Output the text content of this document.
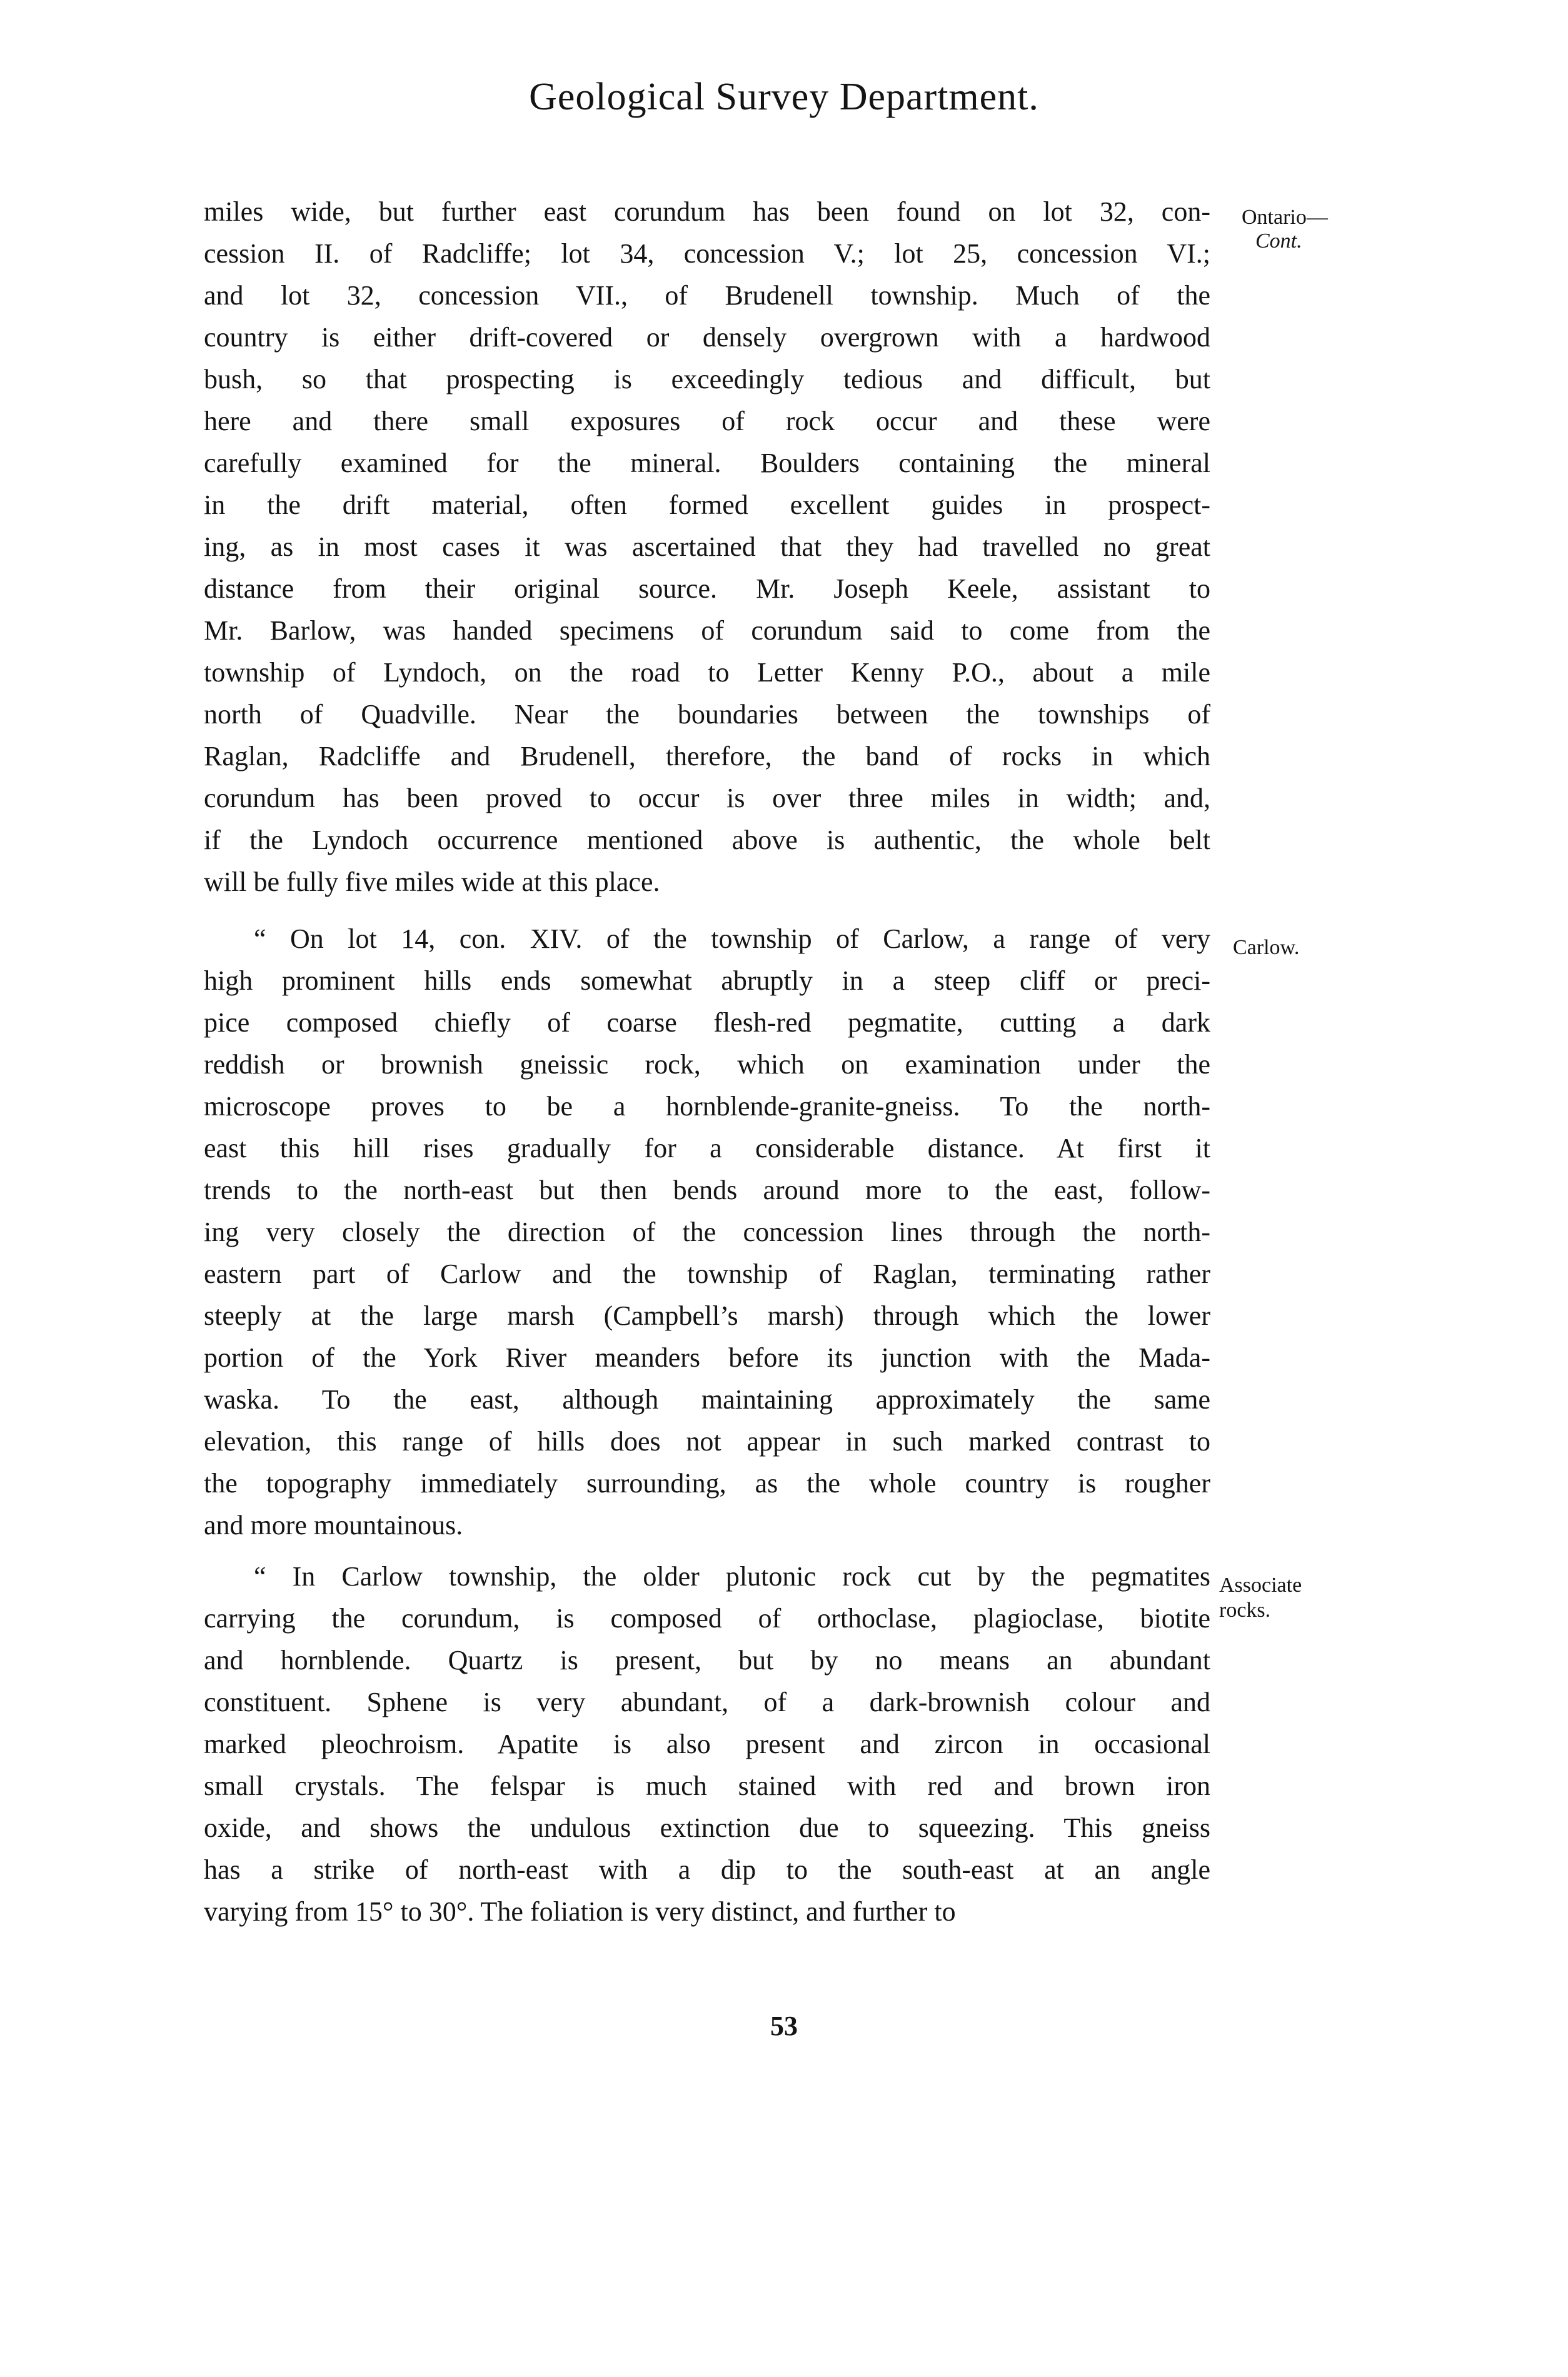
Geological Survey Department.
miles wide, but further east corundum has been found on lot 32, con-
cession II. of Radcliffe; lot 34, concession V.; lot 25, concession VI.;
and lot 32, concession VII., of Brudenell township. Much of the
country is either drift-covered or densely overgrown with a hardwood
bush, so that prospecting is exceedingly tedious and difficult, but
here and there small exposures of rock occur and these were
carefully examined for the mineral. Boulders containing the mineral
in the drift material, often formed excellent guides in prospect-
ing, as in most cases it was ascertained that they had travelled no great
distance from their original source. Mr. Joseph Keele, assistant to
Mr. Barlow, was handed specimens of corundum said to come from the
township of Lyndoch, on the road to Letter Kenny P.O., about a mile
north of Quadville. Near the boundaries between the townships of
Raglan, Radcliffe and Brudenell, therefore, the band of rocks in which
corundum has been proved to occur is over three miles in width; and,
if the Lyndoch occurrence mentioned above is authentic, the whole belt
will be fully five miles wide at this place.
“ On lot 14, con. XIV. of the township of Carlow, a range of very
high prominent hills ends somewhat abruptly in a steep cliff or preci-
pice composed chiefly of coarse flesh-red pegmatite, cutting a dark
reddish or brownish gneissic rock, which on examination under the
microscope proves to be a hornblende-granite-gneiss. To the north-
east this hill rises gradually for a considerable distance. At first it
trends to the north-east but then bends around more to the east, follow-
ing very closely the direction of the concession lines through the north-
eastern part of Carlow and the township of Raglan, terminating rather
steeply at the large marsh (Campbell’s marsh) through which the lower
portion of the York River meanders before its junction with the Mada-
waska. To the east, although maintaining approximately the same
elevation, this range of hills does not appear in such marked contrast to
the topography immediately surrounding, as the whole country is rougher
and more mountainous.
“ In Carlow township, the older plutonic rock cut by the pegmatites
carrying the corundum, is composed of orthoclase, plagioclase, biotite
and hornblende. Quartz is present, but by no means an abundant
constituent. Sphene is very abundant, of a dark-brownish colour and
marked pleochroism. Apatite is also present and zircon in occasional
small crystals. The felspar is much stained with red and brown iron
oxide, and shows the undulous extinction due to squeezing. This gneiss
has a strike of north-east with a dip to the south-east at an angle
varying from 15° to 30°. The foliation is very distinct, and further to
Ontario—
Cont.
Carlow.
Associate
rocks.
53
